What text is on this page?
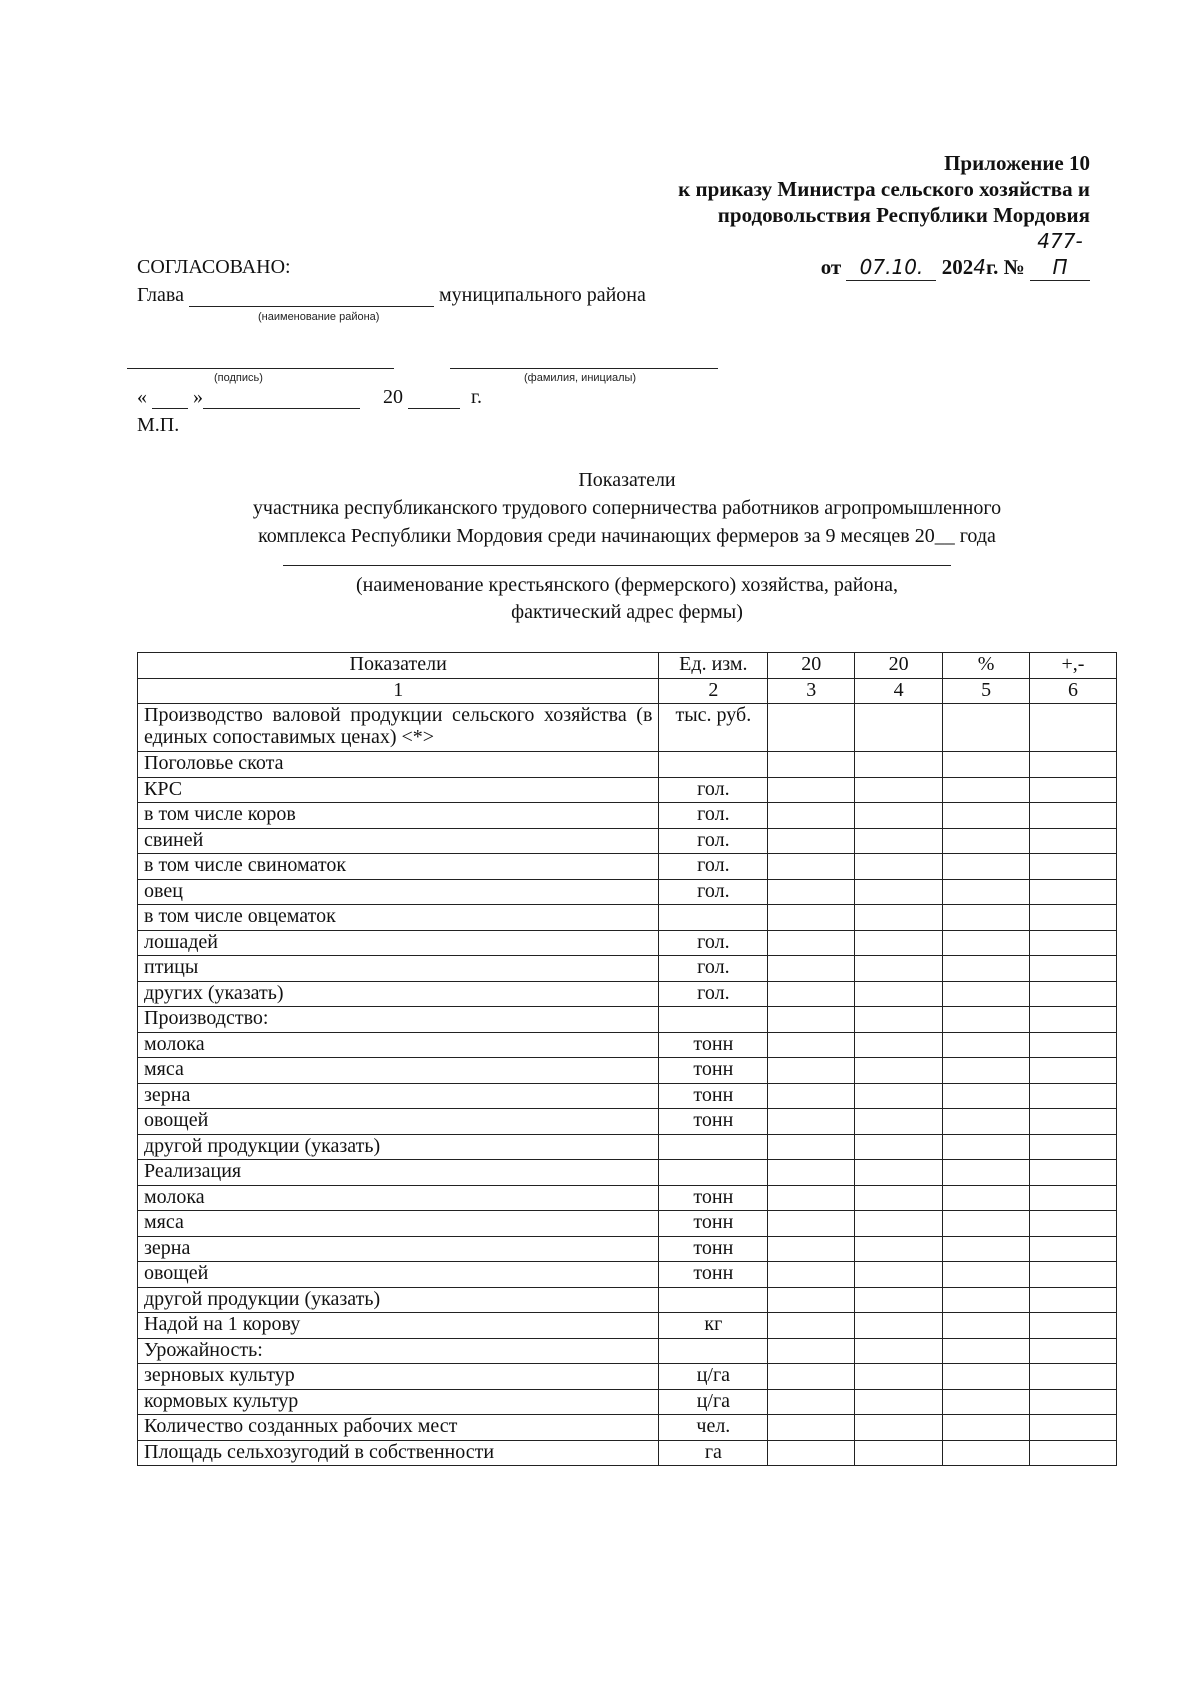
Приложение 10
к приказу Министра сельского хозяйства и
продовольствия Республики Мордовия
от 07.10. 2024г. № 477-П
СОГЛАСОВАНО:
Глава	муниципального района
(наименование района)
(подпись)	(фамилия, инициалы)
« »	20	г.
М.П.
Показатели
участника республиканского трудового соперничества работников агропромышленного
комплекса Республики Мордовия среди начинающих фермеров за 9 месяцев 20__ года
(наименование крестьянского (фермерского) хозяйства, района,
фактический адрес фермы)
Показатели	Ед. изм.	20	20	%	+,-
1	2	3	4	5	6
Производство валовой продукции сельского хозяйства (в единых сопоставимых ценах) <*>	тыс. руб.				
Поголовье скота					
КРС	гол.				
в том числе коров	гол.				
свиней	гол.				
в том числе свиноматок	гол.				
овец	гол.				
в том числе овцематок					
лошадей	гол.				
птицы	гол.				
других (указать)	гол.				
Производство:					
молока	тонн				
мяса	тонн				
зерна	тонн				
овощей	тонн				
другой продукции (указать)					
Реализация					
молока	тонн				
мяса	тонн				
зерна	тонн				
овощей	тонн				
другой продукции (указать)					
Надой на 1 корову	кг				
Урожайность:					
зерновых культур	ц/га				
кормовых культур	ц/га				
Количество созданных рабочих мест	чел.				
Площадь сельхозугодий в собственности	га				
